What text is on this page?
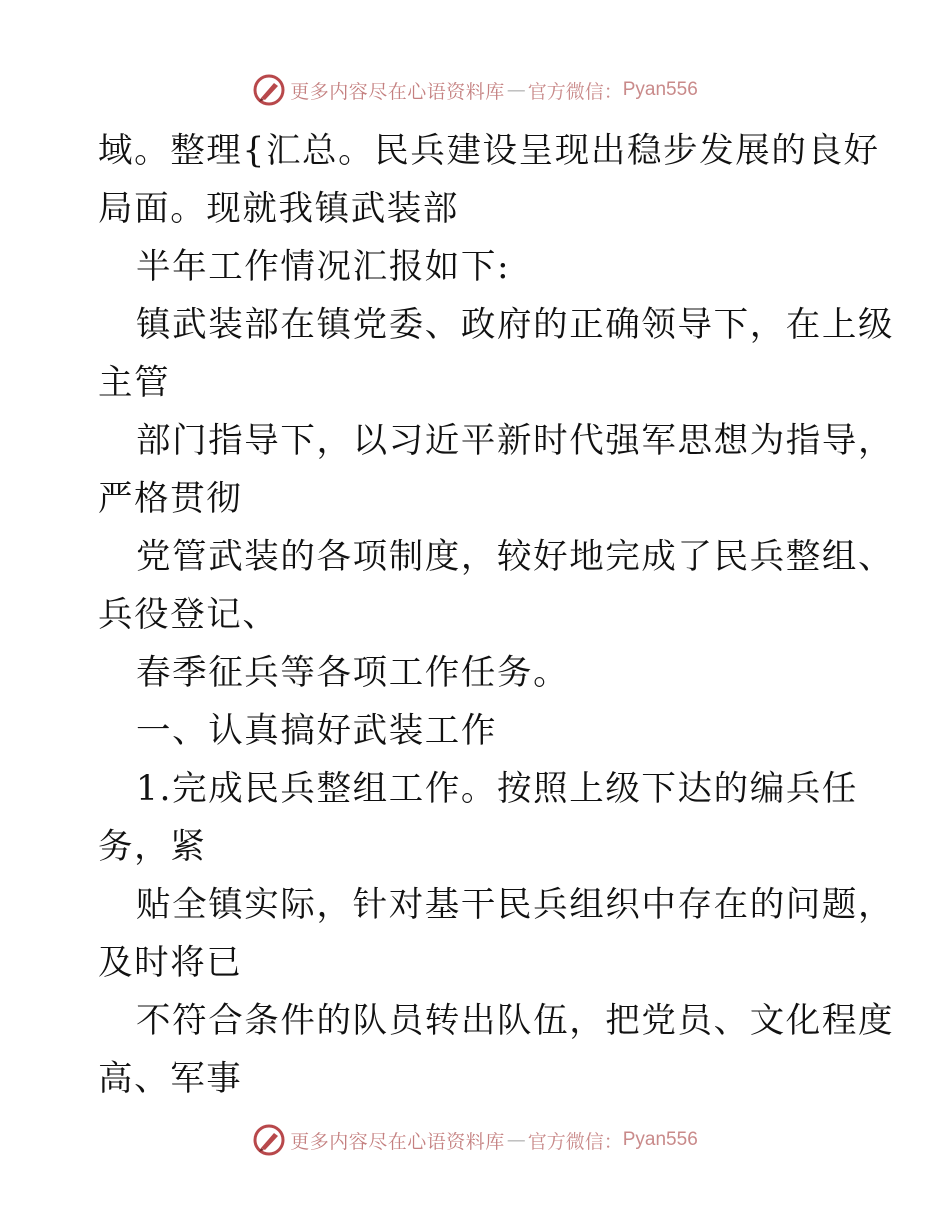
更多内容尽在心语资料库 — 官方微信： Pyan556
域。整理{汇总。民兵建设呈现出稳步发展的良好
局面。现就我镇武装部
半年工作情况汇报如下:
镇武装部在镇党委、政府的正确领导下，在上级
主管
部门指导下，以习近平新时代强军思想为指导，
严格贯彻
党管武装的各项制度，较好地完成了民兵整组、
兵役登记、
春季征兵等各项工作任务。
一、认真搞好武装工作
1.完成民兵整组工作。按照上级下达的编兵任
务，紧
贴全镇实际，针对基干民兵组织中存在的问题，
及时将已
不符合条件的队员转出队伍，把党员、文化程度
高、军事
更多内容尽在心语资料库 — 官方微信： Pyan556
